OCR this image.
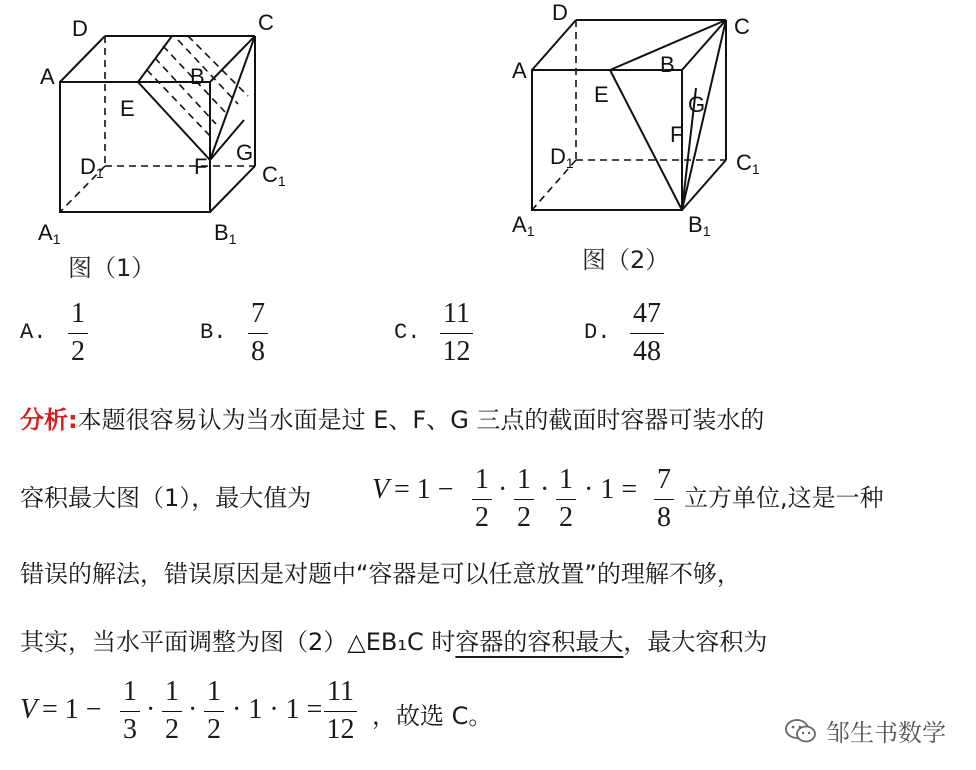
D	C
A	B
E
$D_1$	F
G
$C_1$
$A_1$	$B_1$
图（1）
D
C
A	B
E	G
F
$D_1$	$C_1$
$A_1$	$B_1$
图（2）
A.
1
2
B.
7
8
C.
11
12
D.
47
48
分析:本题很容易认为当水面是过 E、F、G 三点的截面时容器可装水的
容积最大图（1），最大值为 V = 1 − 1
2
· 1
2
· 1
2
· 1 = 7
8
立方单位,这是一种
错误的解法，错误原因是对题中“容器是可以任意放置”的理解不够，
其实，当水平面调整为图（2）△EB₁C 时容器的容积最大，最大容积为
V = 1 −
1
3
·
1
2
·
1
2
· 1 · 1 =
11
12 ，故选 C。
邹生书数学
